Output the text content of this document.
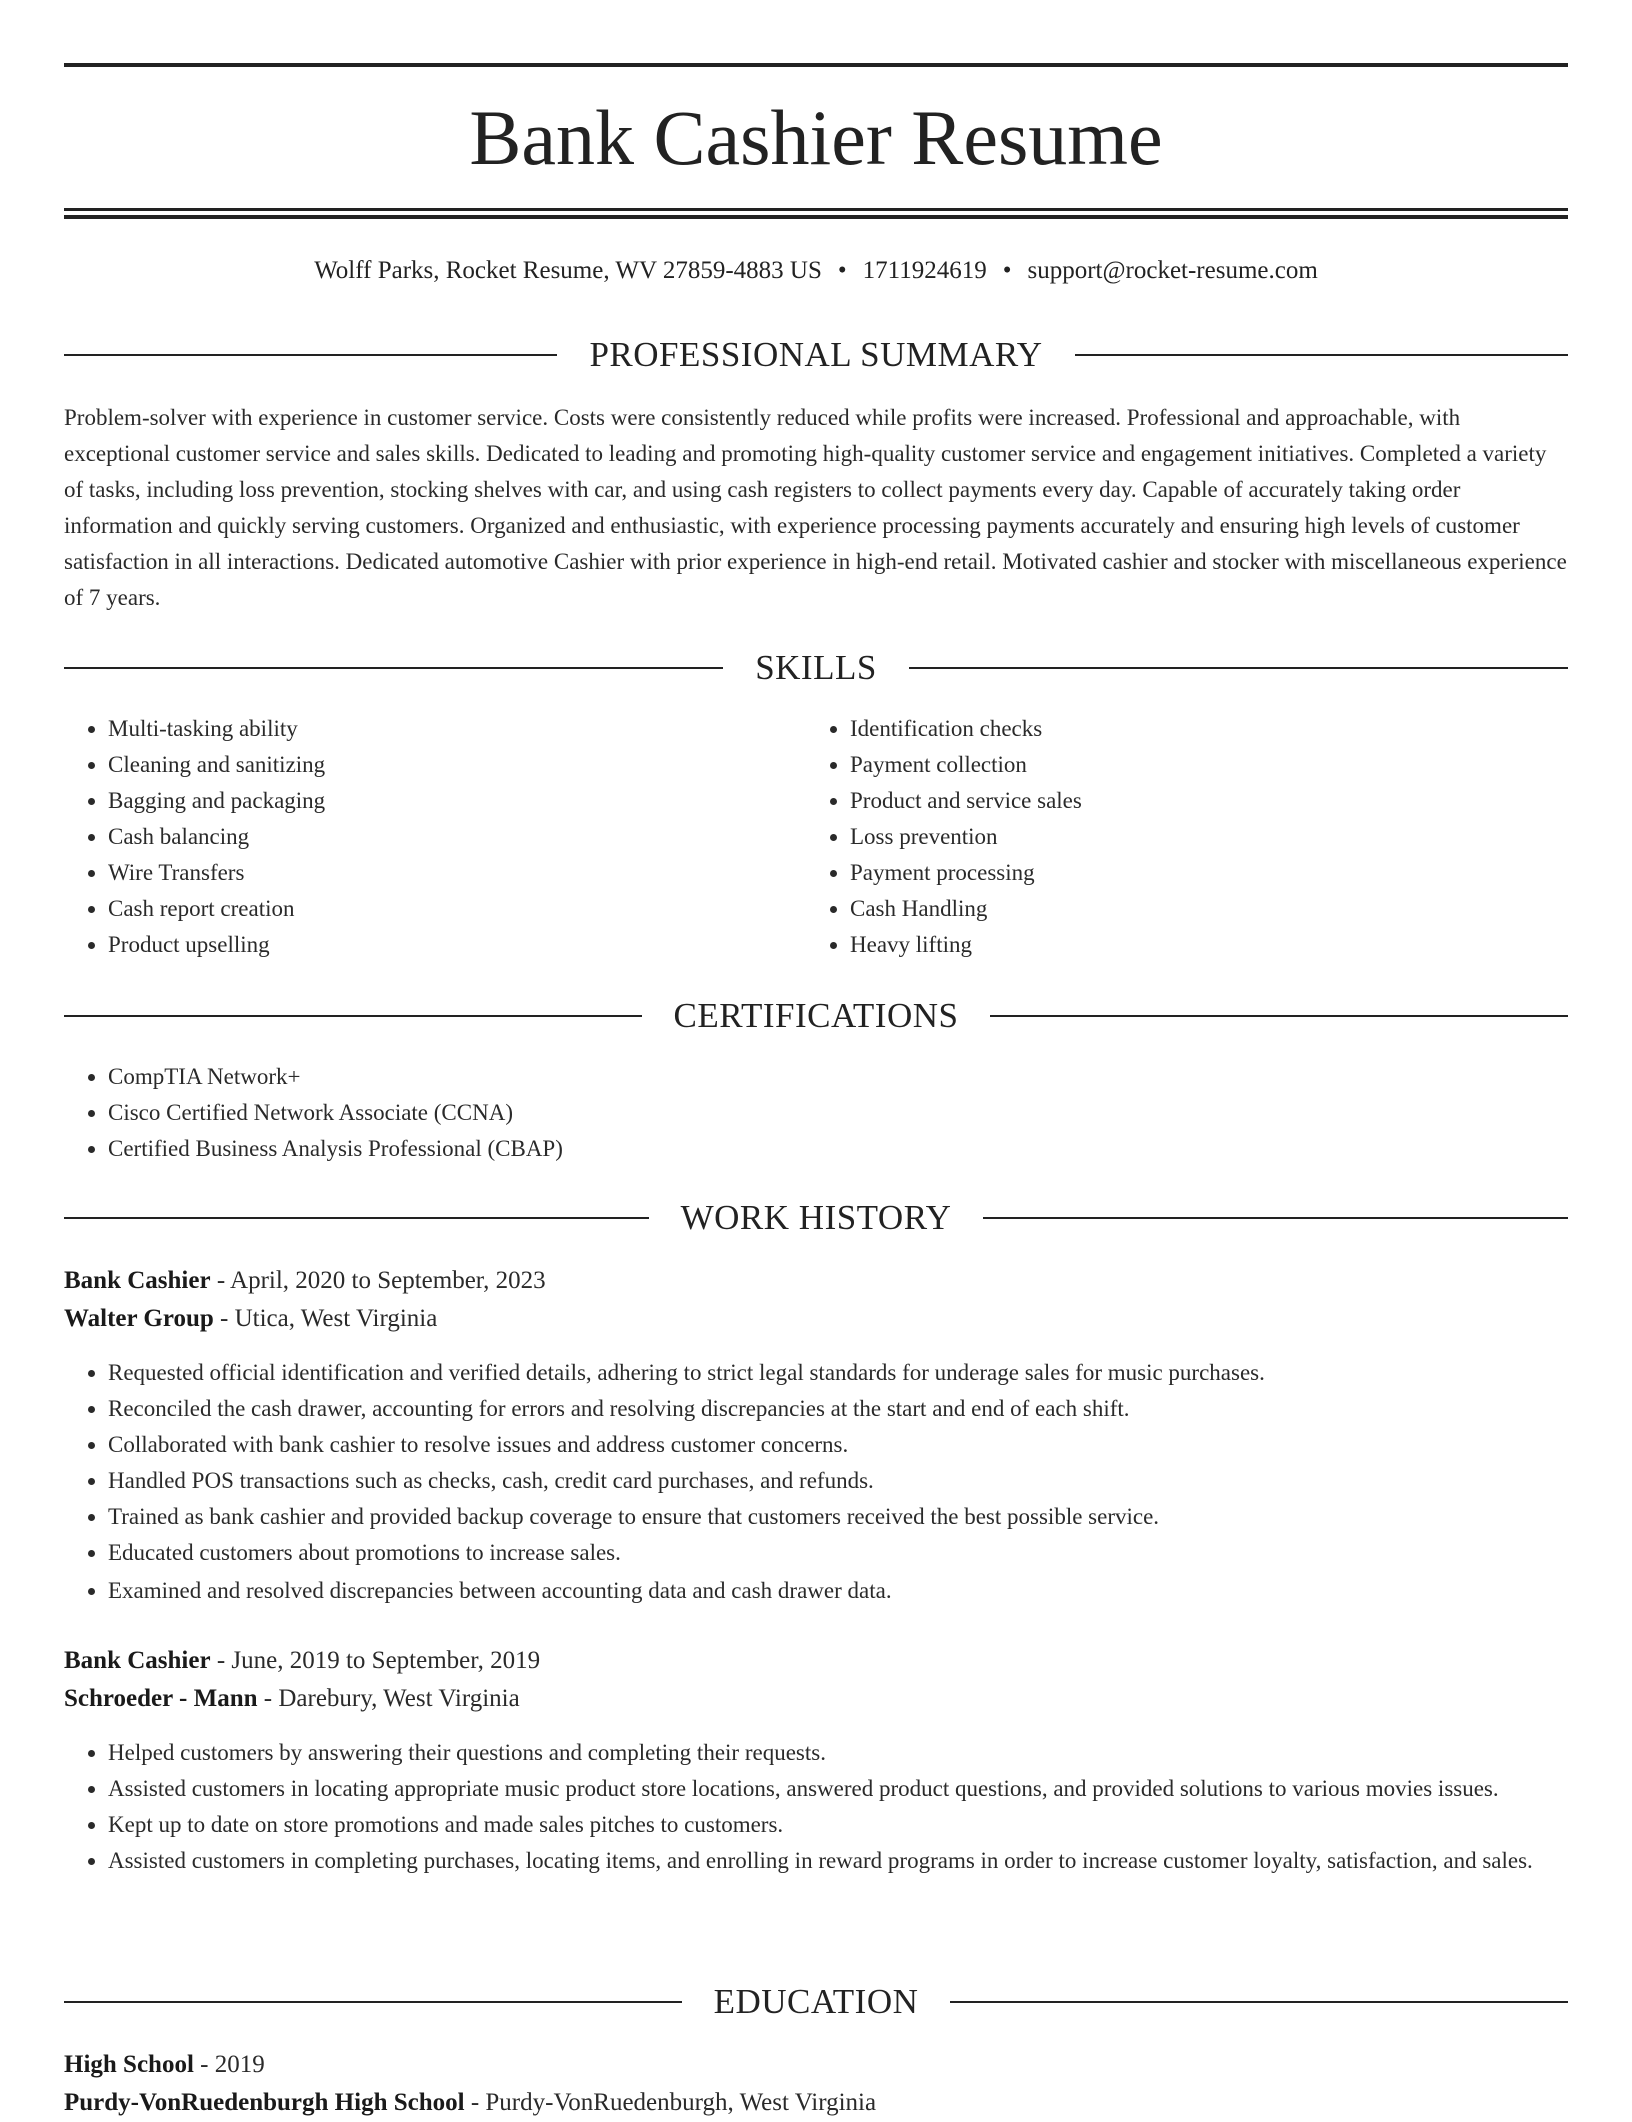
Bank Cashier Resume
Wolff Parks, Rocket Resume, WV 27859-4883 US • 1711924619 • support@rocket-resume.com
PROFESSIONAL SUMMARY

Problem-solver with experience in customer service. Costs were consistently reduced while profits were increased. Professional and approachable, with exceptional customer service and sales skills. Dedicated to leading and promoting high-quality customer service and engagement initiatives. Completed a variety of tasks, including loss prevention, stocking shelves with car, and using cash registers to collect payments every day. Capable of accurately taking order information and quickly serving customers. Organized and enthusiastic, with experience processing payments accurately and ensuring high levels of customer satisfaction in all interactions. Dedicated automotive Cashier with prior experience in high-end retail. Motivated cashier and stocker with miscellaneous experience of 7 years.

SKILLS
• Multi-tasking ability
• Cleaning and sanitizing
• Bagging and packaging
• Cash balancing
• Wire Transfers
• Cash report creation
• Product upselling
• Identification checks
• Payment collection
• Product and service sales
• Loss prevention
• Payment processing
• Cash Handling
• Heavy lifting
CERTIFICATIONS
• CompTIA Network+
• Cisco Certified Network Associate (CCNA)
• Certified Business Analysis Professional (CBAP)
WORK HISTORY
Bank Cashier - April, 2020 to September, 2023
Walter Group - Utica, West Virginia
• Requested official identification and verified details, adhering to strict legal standards for underage sales for music purchases.
• Reconciled the cash drawer, accounting for errors and resolving discrepancies at the start and end of each shift.
• Collaborated with bank cashier to resolve issues and address customer concerns.
• Handled POS transactions such as checks, cash, credit card purchases, and refunds.
• Trained as bank cashier and provided backup coverage to ensure that customers received the best possible service.
• Educated customers about promotions to increase sales.
• Examined and resolved discrepancies between accounting data and cash drawer data.
Bank Cashier - June, 2019 to September, 2019
Schroeder - Mann - Darebury, West Virginia
• Helped customers by answering their questions and completing their requests.
• Assisted customers in locating appropriate music product store locations, answered product questions, and provided solutions to various movies issues.
• Kept up to date on store promotions and made sales pitches to customers.
• Assisted customers in completing purchases, locating items, and enrolling in reward programs in order to increase customer loyalty, satisfaction, and sales.
EDUCATION
High School - 2019
Purdy-VonRuedenburgh High School - Purdy-VonRuedenburgh, West Virginia
